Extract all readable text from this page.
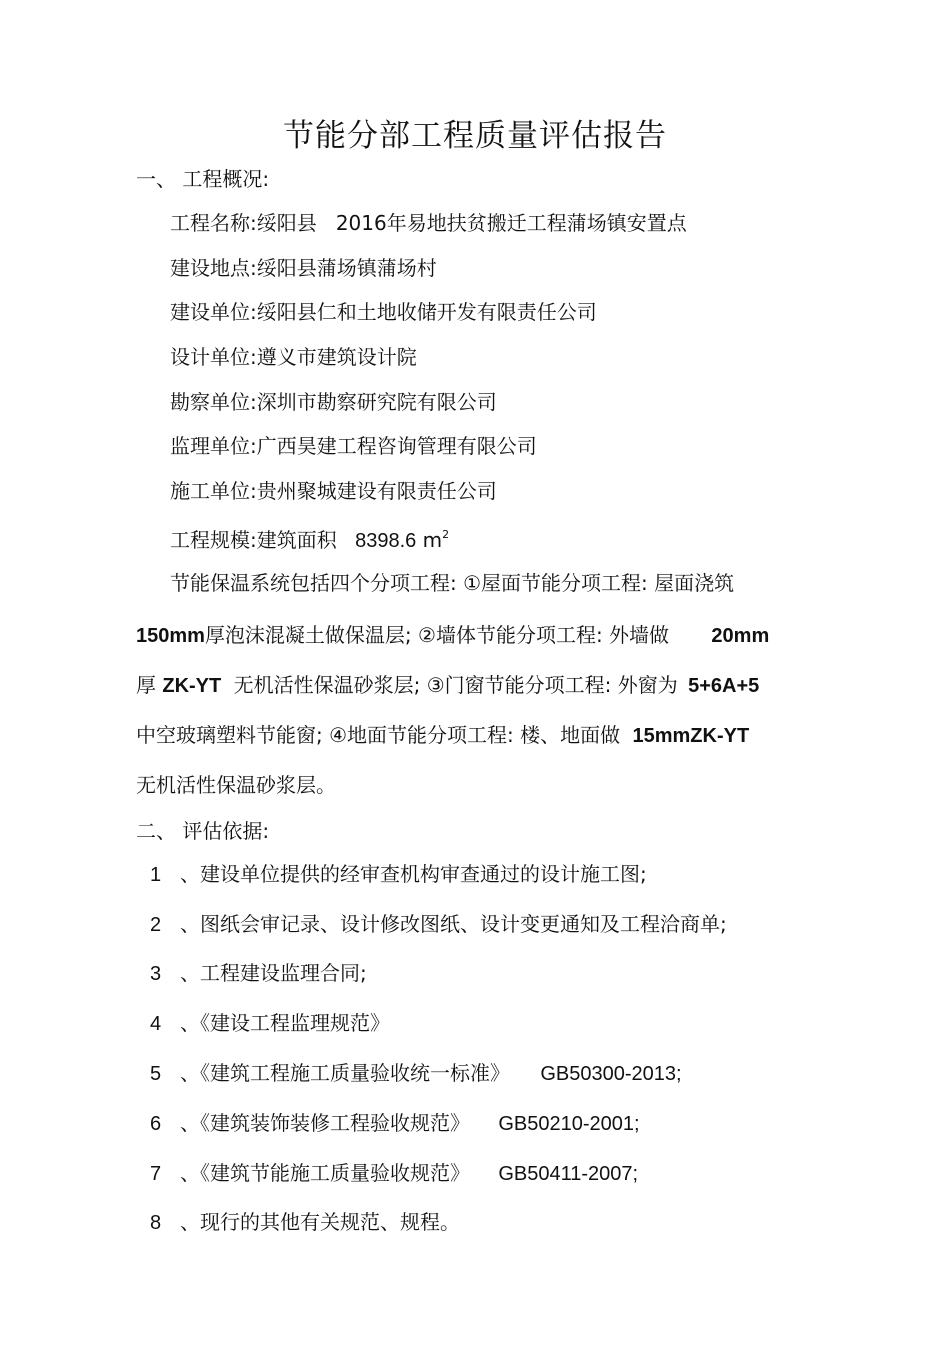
节能分部工程质量评估报告
一、 工程概况:
工程名称:绥阳县   2016年易地扶贫搬迁工程蒲场镇安置点
建设地点:绥阳县蒲场镇蒲场村
建设单位:绥阳县仁和土地收储开发有限责任公司
设计单位:遵义市建筑设计院
勘察单位:深圳市勘察研究院有限公司
监理单位:广西昊建工程咨询管理有限公司
施工单位:贵州聚城建设有限责任公司
工程规模:建筑面积 8398.6 $m^2$
节能保温系统包括四个分项工程: ①屋面节能分项工程: 屋面浇筑
150mm厚泡沫混凝土做保温层; ②墙体节能分项工程: 外墙做 20mm
厚 ZK-YT 无机活性保温砂浆层; ③门窗节能分项工程: 外窗为 5+6A+5
中空玻璃塑料节能窗; ④地面节能分项工程: 楼、地面做 15mmZK-YT
无机活性保温砂浆层。
二、 评估依据:
1 、建设单位提供的经审查机构审查通过的设计施工图;
2 、图纸会审记录、设计修改图纸、设计变更通知及工程洽商单;
3 、工程建设监理合同;
4 、《建设工程监理规范》
5 、《建筑工程施工质量验收统一标准》 GB50300-2013;
6 、《建筑装饰装修工程验收规范》 GB50210-2001;
7 、《建筑节能施工质量验收规范》 GB50411-2007;
8 、现行的其他有关规范、规程。
